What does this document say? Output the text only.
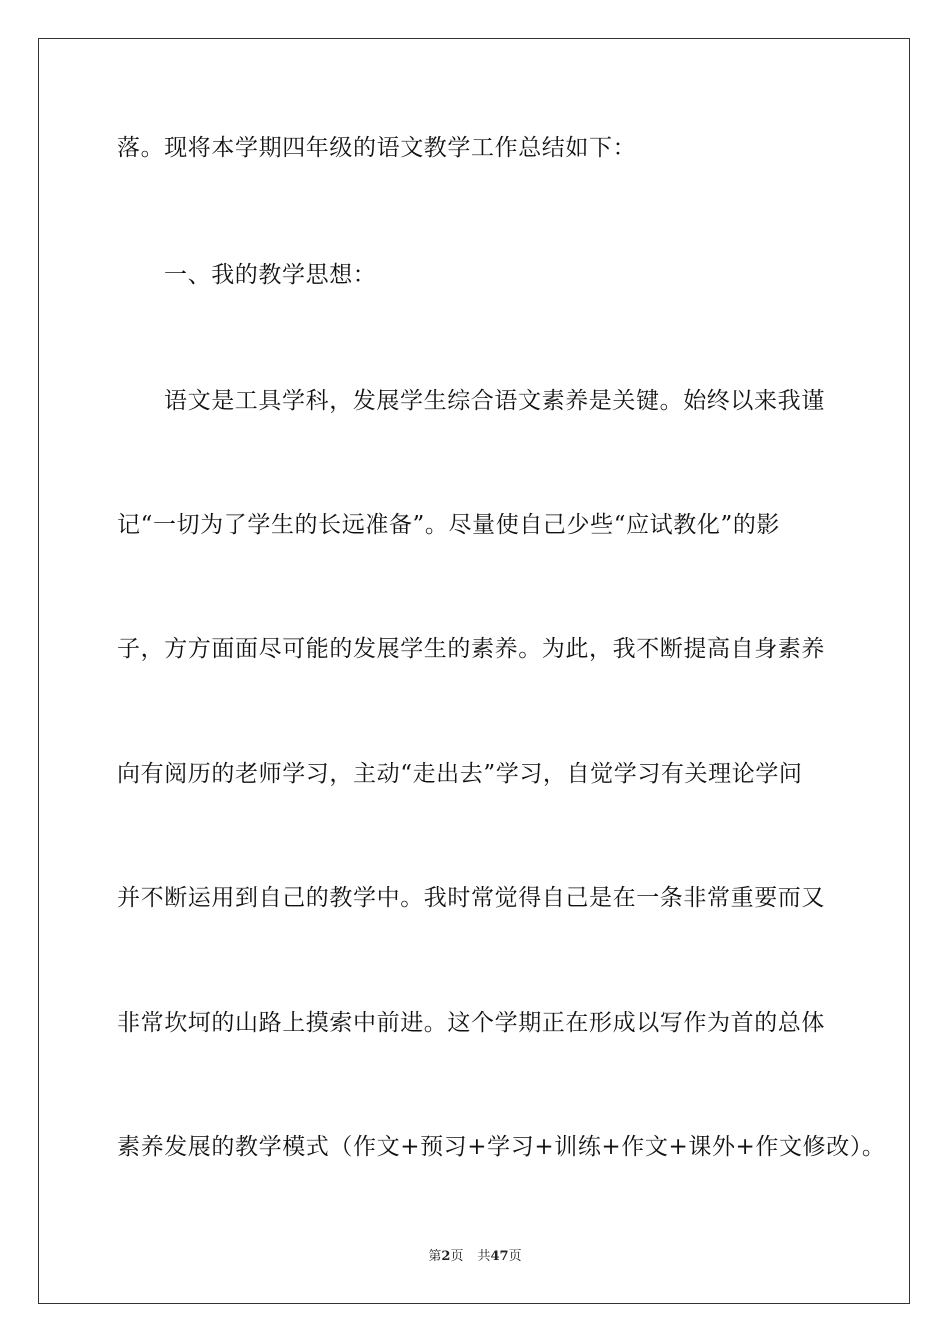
落。现将本学期四年级的语文教学工作总结如下：
一、我的教学思想：
语文是工具学科，发展学生综合语文素养是关键。始终以来我谨
记“一切为了学生的长远准备”。尽量使自己少些“应试教化”的影
子，方方面面尽可能的发展学生的素养。为此，我不断提高自身素养
向有阅历的老师学习，主动“走出去”学习，自觉学习有关理论学问
并不断运用到自己的教学中。我时常觉得自己是在一条非常重要而又
非常坎坷的山路上摸索中前进。这个学期正在形成以写作为首的总体
素养发展的教学模式（作文+预习+学习+训练+作文+课外+作文修改）。
第2页 共47页
